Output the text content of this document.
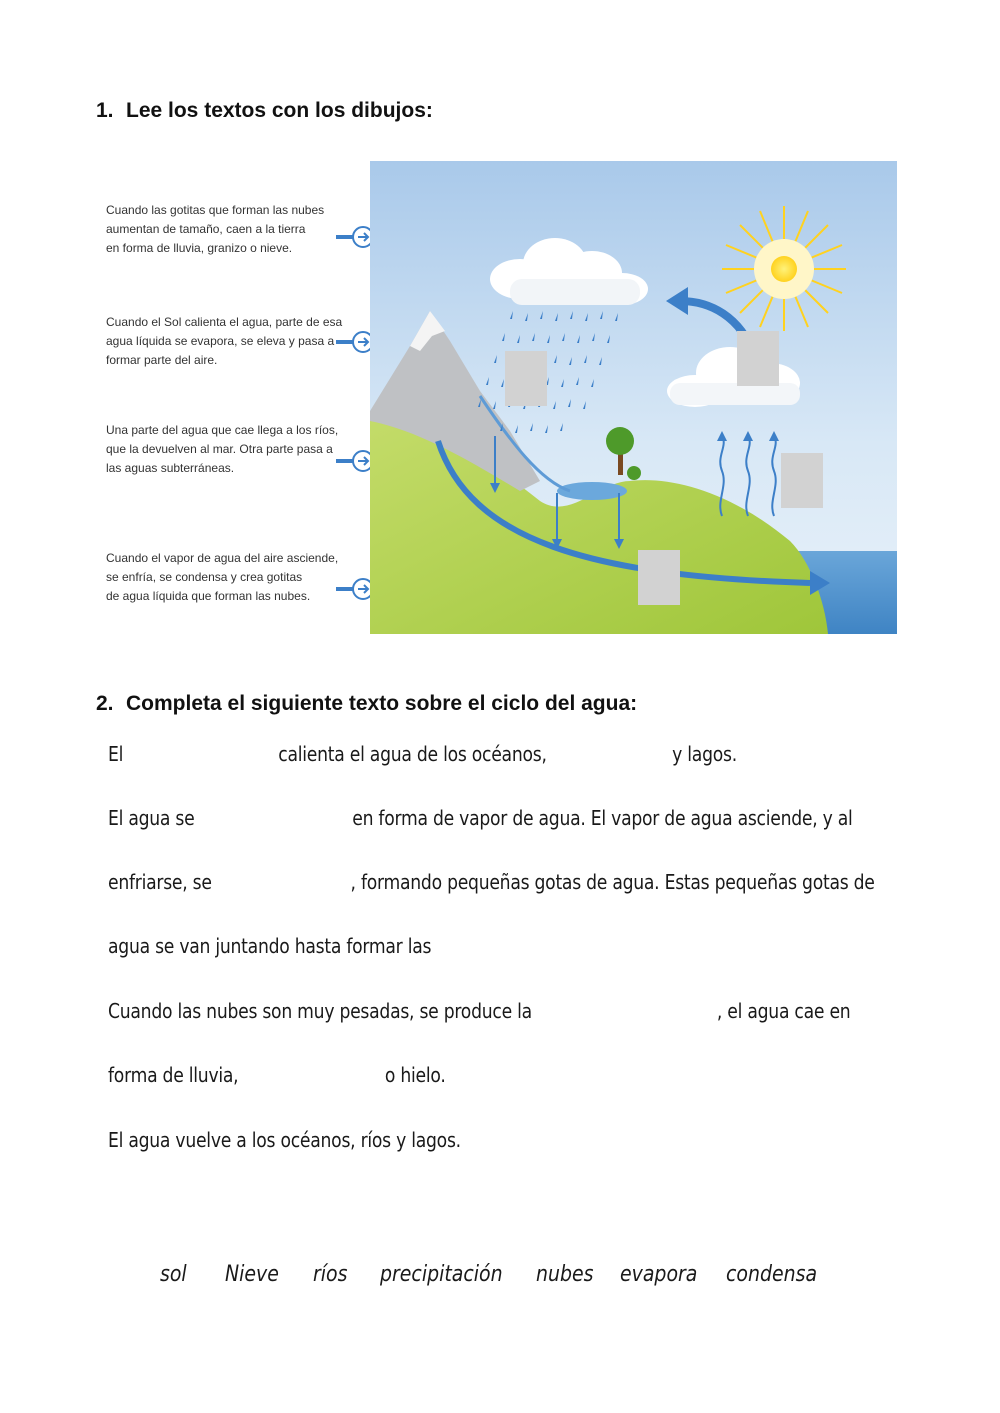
1. Lee los textos con los dibujos:
Cuando las gotitas que forman las nubes
aumentan de tamaño, caen a la tierra
en forma de lluvia, granizo o nieve.
Cuando el Sol calienta el agua, parte de esa
agua líquida se evapora, se eleva y pasa a
formar parte del aire.
Una parte del agua que cae llega a los ríos,
que la devuelven al mar. Otra parte pasa a
las aguas subterráneas.
Cuando el vapor de agua del aire asciende,
se enfría, se condensa y crea gotitas
de agua líquida que forman las nubes.
2. Completa el siguiente texto sobre el ciclo del agua:
El	calienta el agua de los océanos,	y lagos.
El agua se	en forma de vapor de agua. El vapor de agua asciende, y al
enfriarse, se	, formando pequeñas gotas de agua. Estas pequeñas gotas de
agua se van juntando hasta formar las
Cuando las nubes son muy pesadas, se produce la	, el agua cae en
forma de lluvia,	o hielo.
El agua vuelve a los océanos, ríos y lagos.
sol Nieve ríos precipitación nubes evapora condensa
